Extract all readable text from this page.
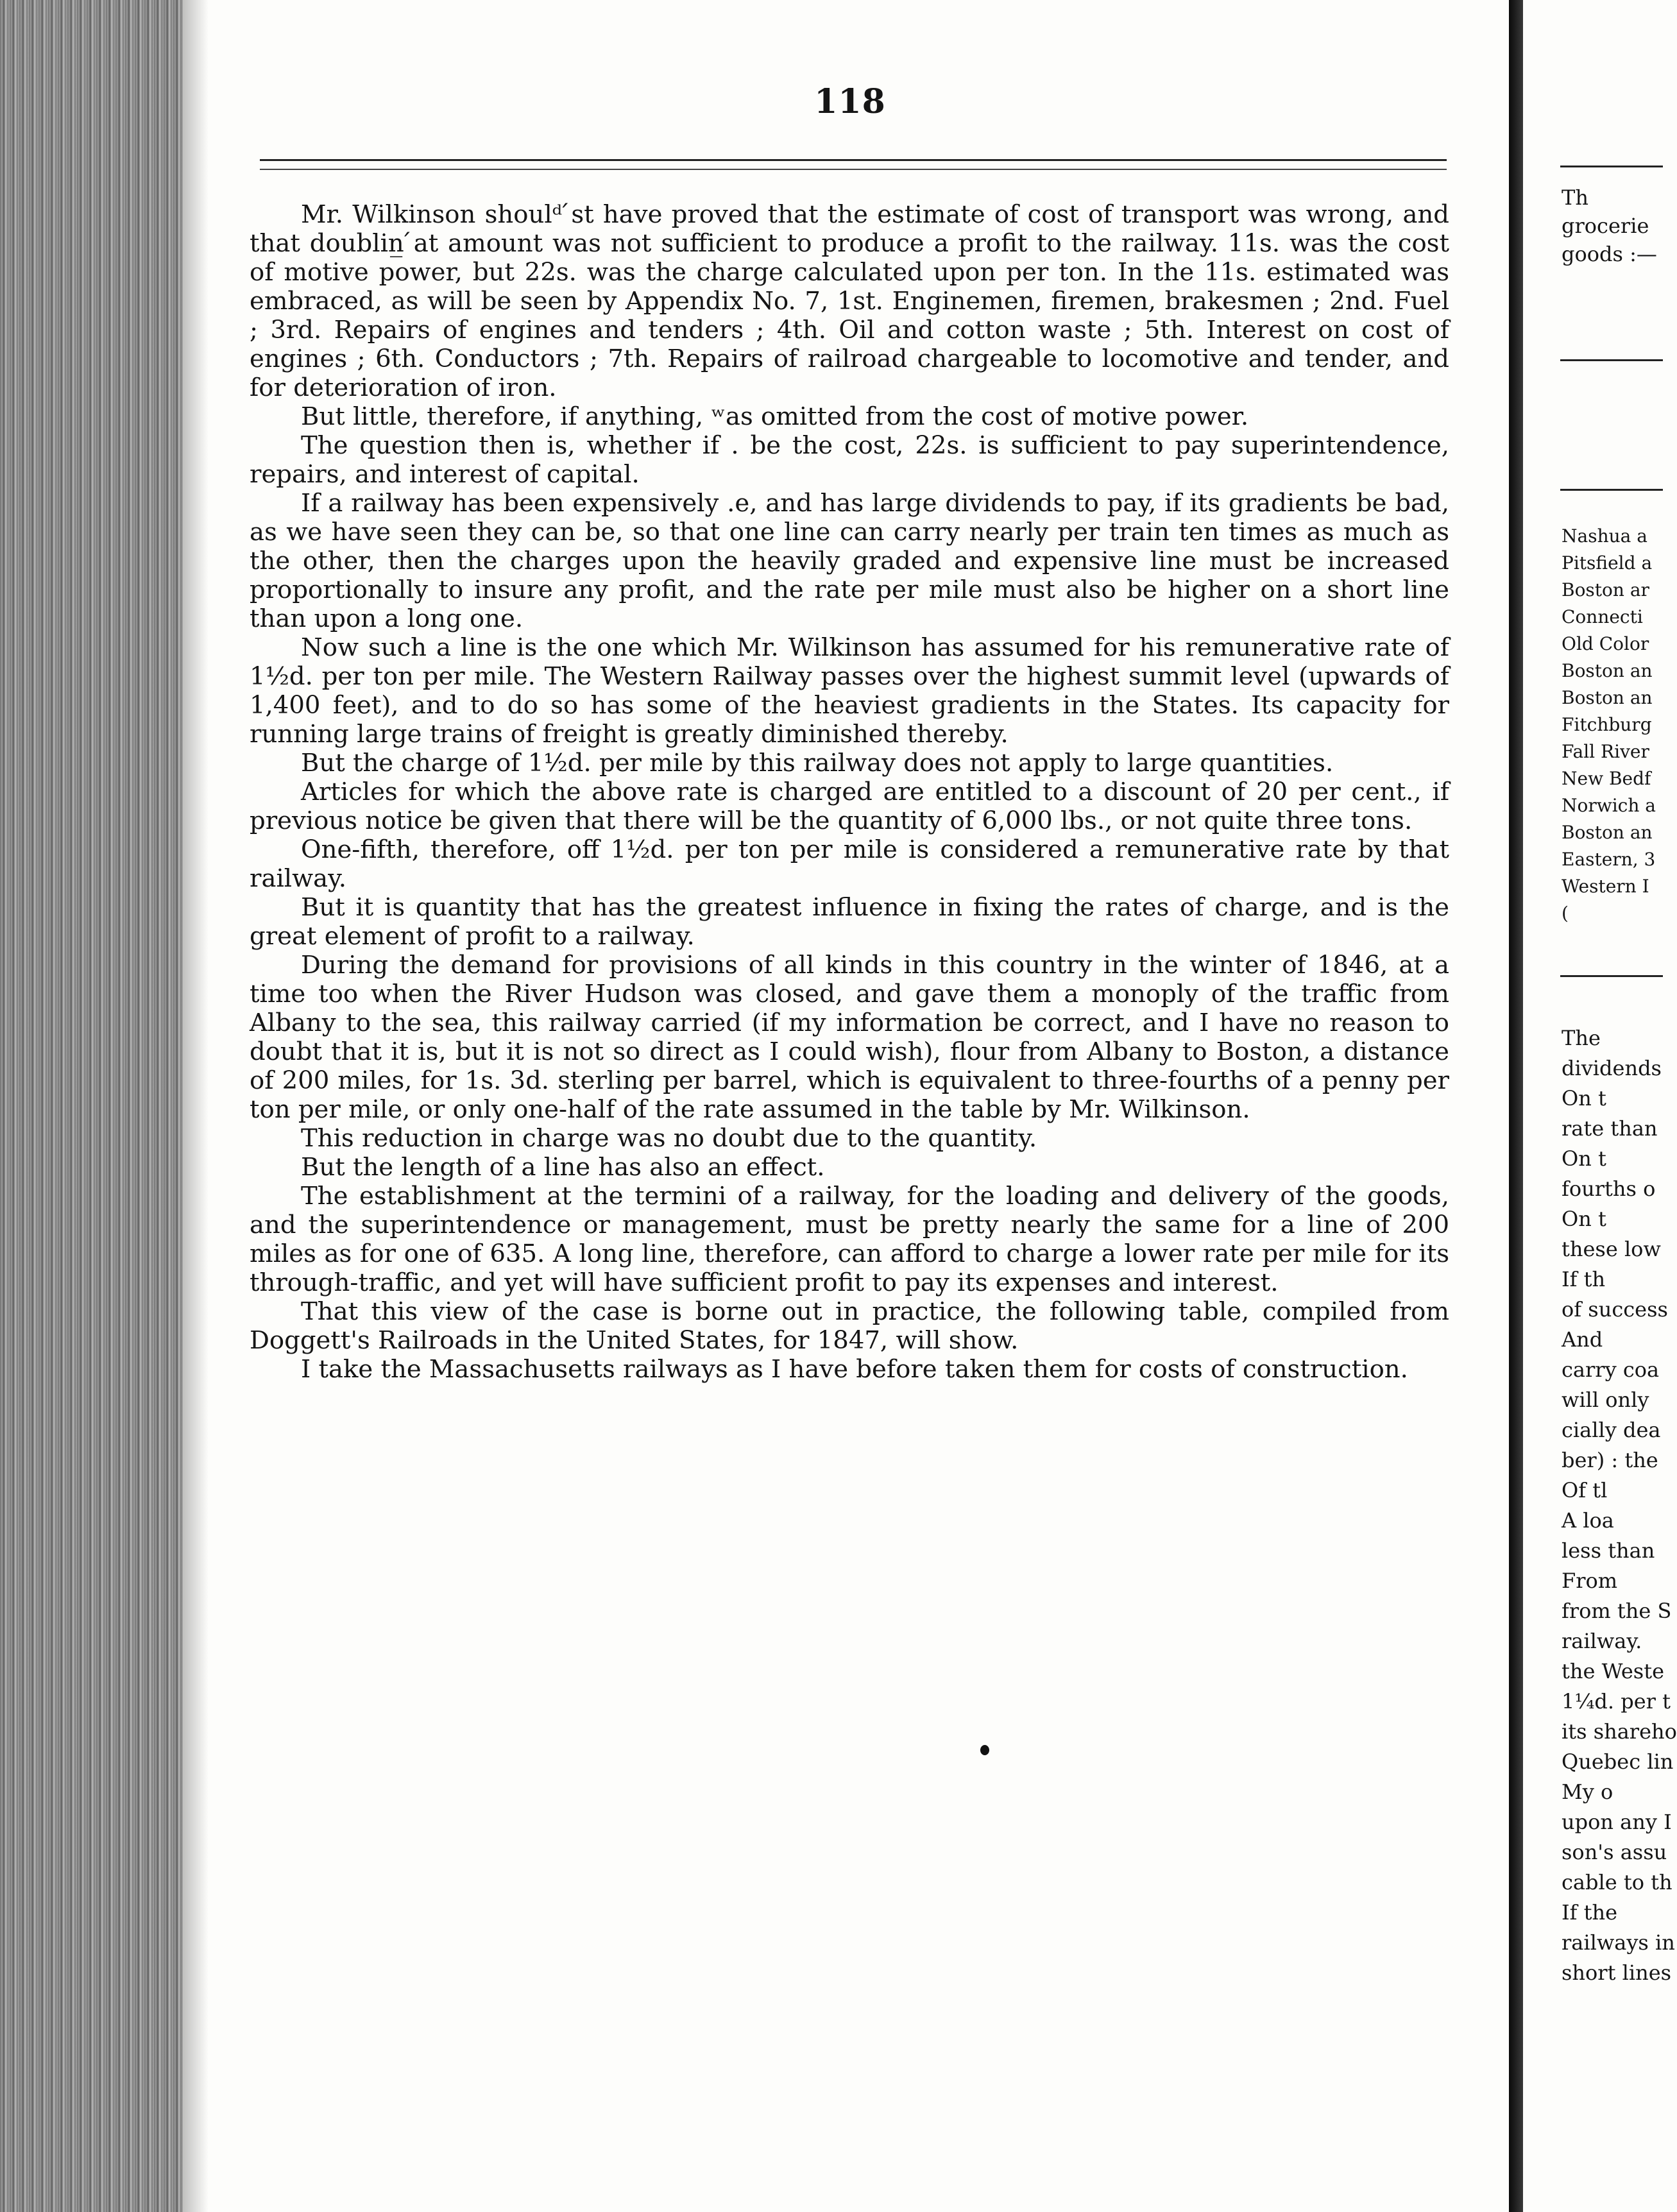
118

Mr. Wilkinson shoulᵈ ́st have proved that the estimate of cost of transport was wrong, and that doublin̲ ́at amount was not sufficient to produce a profit to the railway. 11s. was the cost of motive power, but 22s. was the charge calculated upon per ton. In the 11s. estimated was embraced, as will be seen by Appendix No. 7, 1st. Enginemen, firemen, brakesmen ; 2nd. Fuel ; 3rd. Repairs of engines and tenders ; 4th. Oil and cotton waste ; 5th. Interest on cost of engines ; 6th. Conductors ; 7th. Repairs of railroad chargeable to locomotive and tender, and for deterioration of iron.

But little, therefore, if anything, ʷas omitted from the cost of motive power.

The question then is, whether if . be the cost, 22s. is sufficient to pay superintendence, repairs, and interest of capital.

If a railway has been expensively .e, and has large dividends to pay, if its gradients be bad, as we have seen they can be, so that one line can carry nearly per train ten times as much as the other, then the charges upon the heavily graded and expensive line must be increased proportionally to insure any profit, and the rate per mile must also be higher on a short line than upon a long one.

Now such a line is the one which Mr. Wilkinson has assumed for his remunerative rate of 1½d. per ton per mile. The Western Railway passes over the highest summit level (upwards of 1,400 feet), and to do so has some of the heaviest gradients in the States. Its capacity for running large trains of freight is greatly diminished thereby.

But the charge of 1½d. per mile by this railway does not apply to large quantities.

Articles for which the above rate is charged are entitled to a discount of 20 per cent., if previous notice be given that there will be the quantity of 6,000 lbs., or not quite three tons.

One-fifth, therefore, off 1½d. per ton per mile is considered a remunerative rate by that railway.

But it is quantity that has the greatest influence in fixing the rates of charge, and is the great element of profit to a railway.

During the demand for provisions of all kinds in this country in the winter of 1846, at a time too when the River Hudson was closed, and gave them a monoply of the traffic from Albany to the sea, this railway carried (if my information be correct, and I have no reason to doubt that it is, but it is not so direct as I could wish), flour from Albany to Boston, a distance of 200 miles, for 1s. 3d. sterling per barrel, which is equivalent to three-fourths of a penny per ton per mile, or only one-half of the rate assumed in the table by Mr. Wilkinson.

This reduction in charge was no doubt due to the quantity.

But the length of a line has also an effect.

The establishment at the termini of a railway, for the loading and delivery of the goods, and the superintendence or management, must be pretty nearly the same for a line of 200 miles as for one of 635. A long line, therefore, can afford to charge a lower rate per mile for its through-traffic, and yet will have sufficient profit to pay its expenses and interest.

That this view of the case is borne out in practice, the following table, compiled from Doggett's Railroads in the United States, for 1847, will show.

I take the Massachusetts railways as I have before taken them for costs of construction.

Th
grocerie
goods :—
Nashua a
Pitsfield a
Boston ar
Connecti
Old Color
Boston an
Boston an
Fitchburg
Fall River
New Bedf
Norwich a
Boston an
Eastern, 3
Western I
(
The
dividends
On t
rate than
On t
fourths o
On t
these low
If th
of success
And
carry coa
will only
cially dea
ber) : the
Of tl
A loa
less than
From
from the S
railway.
the Weste
1¼d. per t
its shareho
Quebec lin
My o
upon any I
son's assu
cable to th
If the
railways in
short lines
